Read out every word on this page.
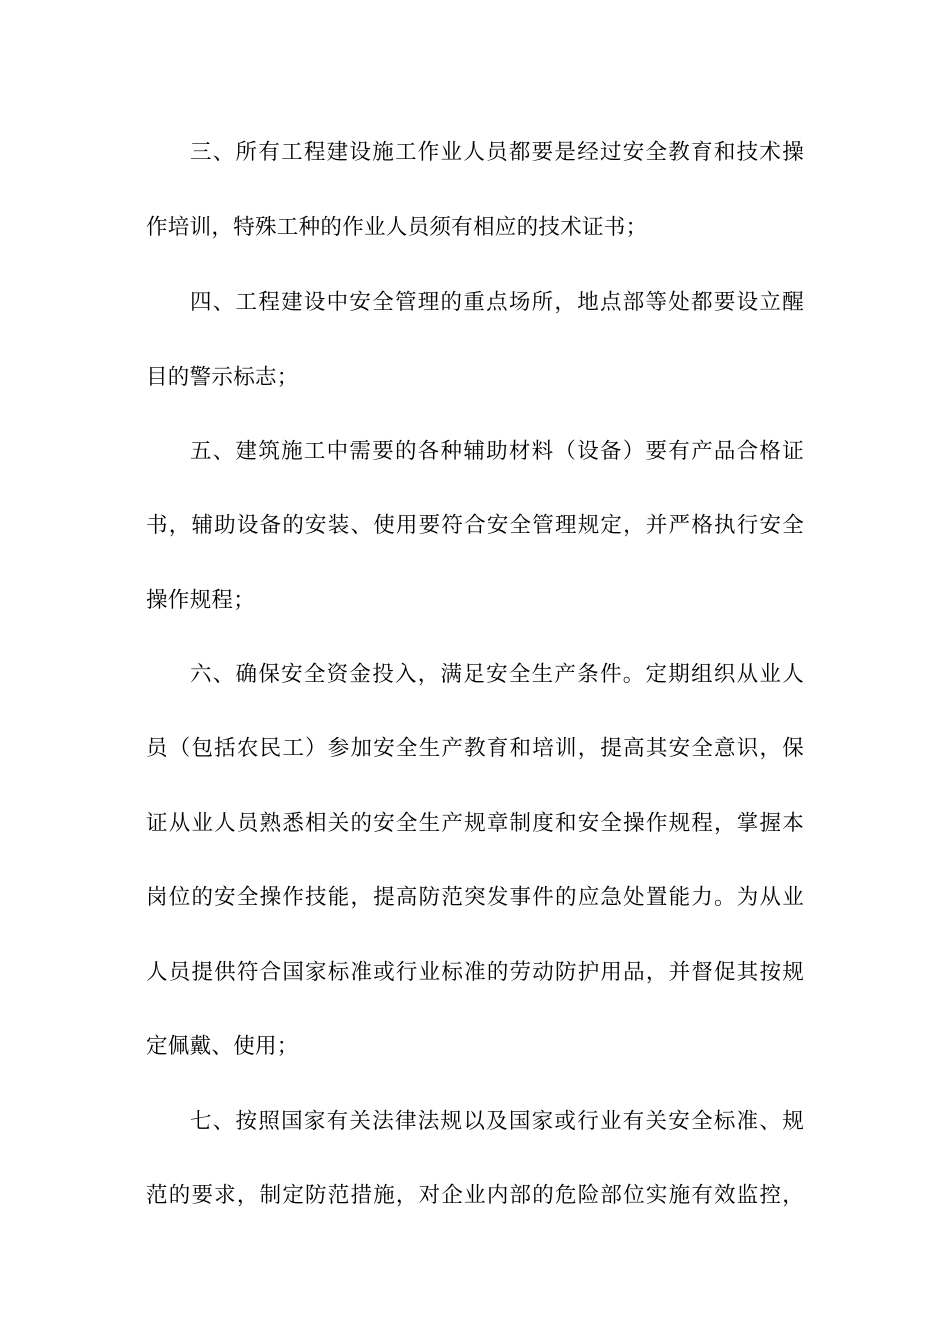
三、所有工程建设施工作业人员都要是经过安全教育和技术操
作培训，特殊工种的作业人员须有相应的技术证书；
四、工程建设中安全管理的重点场所，地点部等处都要设立醒
目的警示标志；
五、建筑施工中需要的各种辅助材料（设备）要有产品合格证
书，辅助设备的安装、使用要符合安全管理规定，并严格执行安全
操作规程；
六、确保安全资金投入，满足安全生产条件。定期组织从业人
员（包括农民工）参加安全生产教育和培训，提高其安全意识，保
证从业人员熟悉相关的安全生产规章制度和安全操作规程，掌握本
岗位的安全操作技能，提高防范突发事件的应急处置能力。为从业
人员提供符合国家标准或行业标准的劳动防护用品，并督促其按规
定佩戴、使用；
七、按照国家有关法律法规以及国家或行业有关安全标准、规
范的要求，制定防范措施，对企业内部的危险部位实施有效监控，
